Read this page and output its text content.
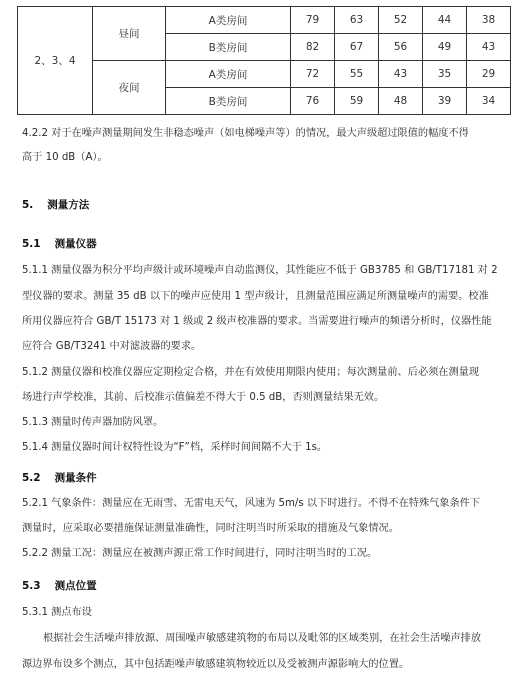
2、3、4	昼间	A类房间	79	63	52	44	38
		B类房间	82	67	56	49	43
	夜间	A类房间	72	55	43	35	29
		B类房间	76	59	48	39	34
4.2.2 对于在噪声测量期间发生非稳态噪声（如电梯噪声等）的情况，最大声级超过限值的幅度不得
高于 10 dB（A）。
5. 测量方法
5.1 测量仪器
5.1.1 测量仪器为积分平均声级计或环境噪声自动监测仪，其性能应不低于 GB3785 和 GB/T17181 对 2
型仪器的要求。测量 35 dB 以下的噪声应使用 1 型声级计，且测量范围应满足所测量噪声的需要。校准
所用仪器应符合 GB/T 15173 对 1 级或 2 级声校准器的要求。当需要进行噪声的频谱分析时，仪器性能
应符合 GB/T3241 中对滤波器的要求。
5.1.2 测量仪器和校准仪器应定期检定合格，并在有效使用期限内使用；每次测量前、后必须在测量现
场进行声学校准，其前、后校准示值偏差不得大于 0.5 dB，否则测量结果无效。
5.1.3 测量时传声器加防风罩。
5.1.4 测量仪器时间计权特性设为“F”档，采样时间间隔不大于 1s。
5.2 测量条件
5.2.1 气象条件：测量应在无雨雪、无雷电天气，风速为 5m/s 以下时进行。不得不在特殊气象条件下
测量时，应采取必要措施保证测量准确性，同时注明当时所采取的措施及气象情况。
5.2.2 测量工况：测量应在被测声源正常工作时间进行，同时注明当时的工况。
5.3 测点位置
5.3.1 测点布设
根据社会生活噪声排放源、周围噪声敏感建筑物的布局以及毗邻的区域类别，在社会生活噪声排放
源边界布设多个测点，其中包括距噪声敏感建筑物较近以及受被测声源影响大的位置。
